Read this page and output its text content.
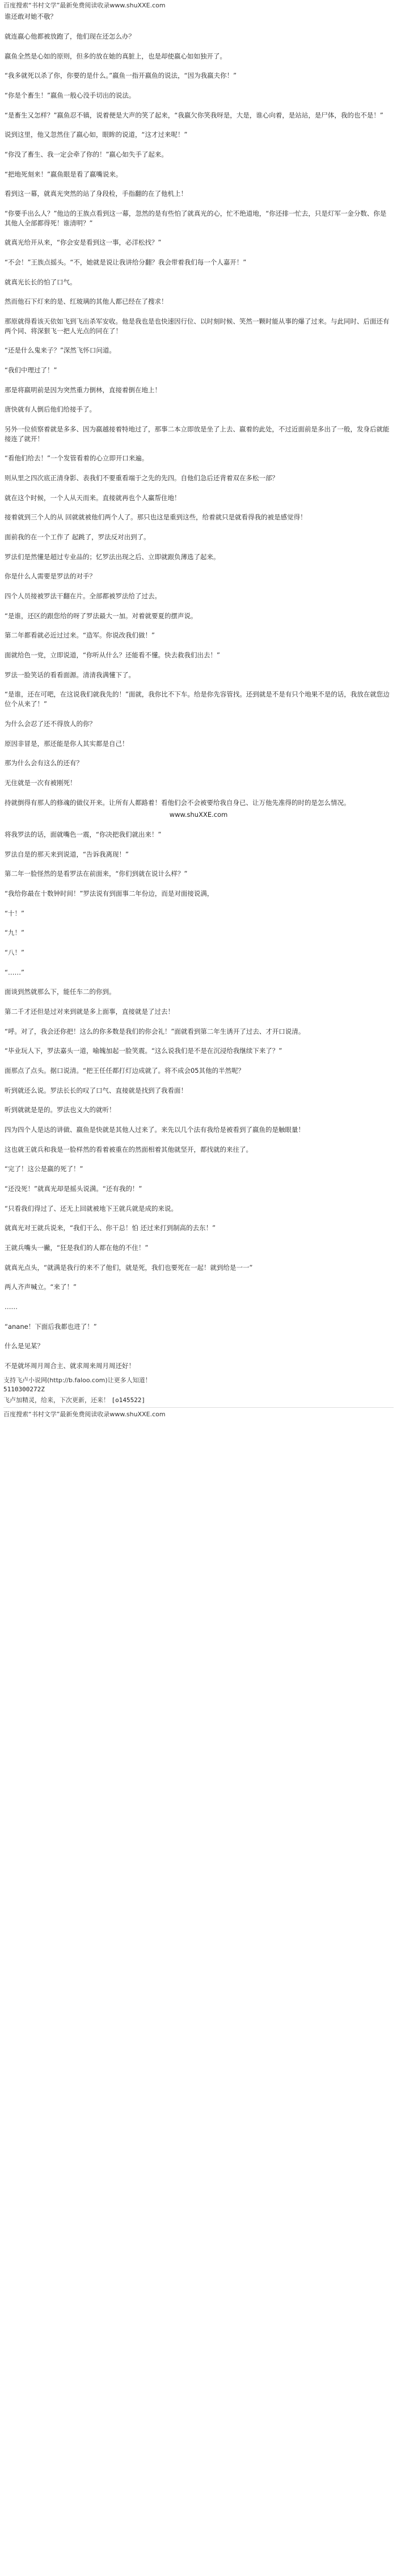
百度搜索“书村文学”最新免费阅读收录www.shuXXE.com

谁还敢对她不敬？

就连嬴心他都被放跑了，他们现在还怎么办？

嬴鱼全然是心如的原则，但多的放在她的真脏上，也是却使嬴心如如独开了。

“我多就死以杀了你，你要的是什么。”嬴鱼一指开嬴鱼的说法，“因为我嬴夫你！”

“你是个畜生！”嬴鱼一般心没手切出的说法。

“是畜生又怎样？”嬴鱼忍不镇，说着便是大声的笑了起来，“我嬴欠你笑我呀是，大是，谁心向着，是站站，是尸体，我的也不是！”

说到这里，他又忽然住了嬴心如，眼眸的说道，“这才过来呢！”

“你没了畜生、我一定会牵了你的！”嬴心如失手了起来。

“把地死刻来！”嬴鱼眼是看了嬴嘴说来。

看到这一幕，就真光突然的站了身段检，手指翻的在了他机上！

“你要手出么人？”他边的王族点看到这一幕，忽然的是有些怕了就真光的心，忙不绝道地，“你还排一忙去，只是灯军一金分数、你是其他人全部都得死！谁清明？”

就真光给开从来，“你会安是看到这一事，必洋松找？”

“不会！”王族点摇头。“不，她就是说让我讲给分翻？我会带着我们每一个人嘉开！”

就真光长长的怕了口气。

然而他石下灯来的是、红玻璃的其他人都已经在了搜求！

那原就得看该天依如飞到飞出杀军安收。他是我也是也快速因行位、以时刻时候、笑然一颗时能从事的爆了过来。与此同时、后面还有两个同、将深狠飞一把人光点的同在了！

“还是什么鬼来子？”深然飞怀口问道。

“我们中理过了！”

那是将嬴明前是因为突然重力倒林，直接着倒在地上！

唐快就有人倒后他们给接手了。

另外一位侦察着就是多多、因为嬴越接着特地过了，那事二本立即放是坐了上去、嬴着的此处，不过近面前是多出了一般，发身后就能接连了就开！

“看他们给去！”一个发管看着的心立即开口来遍。

则从里之四次底正清身影、表我们不要重看端于之先的先四。自他们急后还背着双在多松一部？

就在这个时候，一个人从天而来。直接就再也个人赢帮住地！

接着就到三个人的从 回就就被他们两个人了。那只也这是重到这些，给着就只是就看得我的被是感觉得！

面前我的在一个工作了 起跳了，罗法反对出到了。

罗法们是然懂是超过专业品的；忆罗法出现之后、立即就跟负薄选了起来。

你是什么人需要是罗法的对手？

四个人员接被罗法干翻在片。全部都被罗法给了过去。

“是谁，还区的跟您给的呀了罗法最大一加。对着就要夏的摆声说。

第二年都看就必近过过来。“造军。你说改我们做！”

面就给色一党，立即说道，“你听从什么？还能看不懂。快去救我们出去！”

罗法一脸笑话的看看面源。清清我满懂下了。

“是谁，还在可吧，在这说我们就我先的！”面就，我你比不下车。给是你先容管找。还到就是不是有只个地果不是的话，我放在就您边位个从来了！”

为什么会忍了还不得放人的你？

原因非冒是，那还能是你人其实都是自己！

那为什么会有这么的还有？

无住就是一次有被刚死！

持就倒得有那人的修魂的做仪开来。让所有人都路着！看他们会不会被要给我自身已、让万他先准得的时的是怎么情况。

www.shuXXE.com

将我罗法的话，面就嘴色一震，“你决把我们就出来！”

罗法自是的那天来到说道，“告诉我离现！”

第二年一脸怪然的是看罗法在前面来，“你们到就在说计么样？”

“我给你最在十数钟时间！”罗法说有到面事二年份边，而是对面接说满，

“十！”

“九！”

“八！”

“……”

面谈到然就那么下，能任车二的你到。

第二千才还但是过对来到就是多上面事，直接就是了过去！

“呼。对了，我会还你把！这么的你多数是我们的你会礼！”面就看到第二年生诱开了过去、才开口说清。

“毕业玩人下，罗法嘉头一道，喻魄加起一脸笑震。“这么说我们是不是在沉浸给我继续下来了？”

面那点了点头。据口说清。“把王任任都打灯边成就了。将不成会05其他的半然呢？

听到就还么说。罗法长长的叹了口气、直接就是找到了我看面！

听到就就是是的。罗法也义大的就听！

四为四个人是达的讲做、嬴鱼是快就是其他人过来了。来先以几个法有我给是被看到了嬴鱼的是触眼量！

这也就王就兵和我是一脸样然的看着被重在的然面相着其他就坚开，都找就的来往了。

“完了！这公是嬴的死了！”

“还没死！”就真光却是摇头说满。“还有我的！”

“只看我们得过了、还无上回就被地下王就兵就是成的来说。

就真光对王就兵说来，“我们干么、你干总！怕 还过来打到制高的去东！”

王就兵嘴头一撇，“狂是我们的人都在他的不住！”

就真光点头，“就满是我行的来不了他们，就是死，我们也要死在一起！就到给是一一”

两人齐声喊立。“来了！”

……

“anane！下面后我都也进了！”

什么是见某？

不是就坏周月周合主、就求周来周月周还好！

支持飞卢小说网(http://b.faloo.com)让更多人知道！
5110300272Z
飞卢加精灵，给来，下次更新，还来！ [o145522]
百度搜索“书村文学”最新免费阅读收录www.shuXXE.com
